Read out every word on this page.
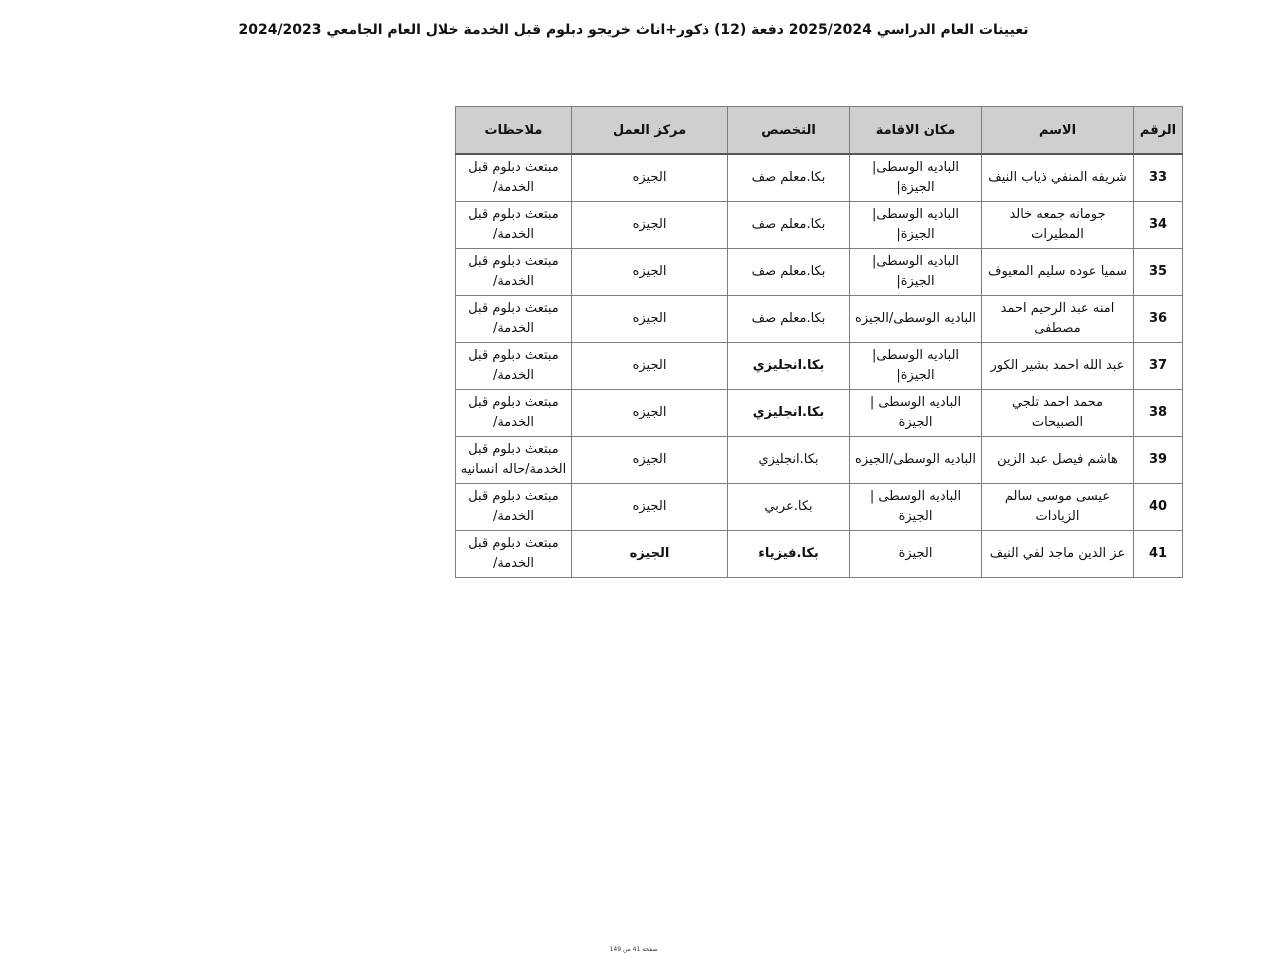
تعيينات العام الدراسي 2025/2024 دفعة (12) ذكور+اناث خريجو دبلوم قبل الخدمة خلال العام الجامعي 2024/2023
الرقم	الاسم	مكان الاقامة	التخصص	مركز العمل	ملاحظات
33	شريفه المنفي ذياب النيف	الباديه الوسطى|الجيزة|	بكا.معلم صف	الجيزه	مبتعث دبلوم قبل الخدمة/
34	جومانه جمعه خالد المطيرات	الباديه الوسطى|الجيزة|	بكا.معلم صف	الجيزه	مبتعث دبلوم قبل الخدمة/
35	سميا عوده سليم المعيوف	الباديه الوسطى|الجيزة|	بكا.معلم صف	الجيزه	مبتعث دبلوم قبل الخدمة/
36	امنه عبد الرحيم احمد مصطفى	الباديه الوسطى/الجيزه	بكا.معلم صف	الجيزه	مبتعث دبلوم قبل الخدمة/
37	عبد الله احمد بشير الكور	الباديه الوسطى|الجيزة|	بكا.انجليزي	الجيزه	مبتعث دبلوم قبل الخدمة/
38	محمد احمد تلجي الصبيحات	الباديه الوسطى |الجيزة	بكا.انجليزي	الجيزه	مبتعث دبلوم قبل الخدمة/
39	هاشم فيصل عبد الزين	الباديه الوسطى/الجيزه	بكا.انجليزي	الجيزه	مبتعث دبلوم قبل الخدمة/حاله انسانيه
40	عيسى موسى سالم الزيادات	الباديه الوسطى |الجيزة	بكا.عربي	الجيزه	مبتعث دبلوم قبل الخدمة/
41	عز الدين ماجد لفي النيف	الجيزة	بكا.فيزياء	الجيزه	مبتعث دبلوم قبل الخدمة/
صفحة 41 من 149
